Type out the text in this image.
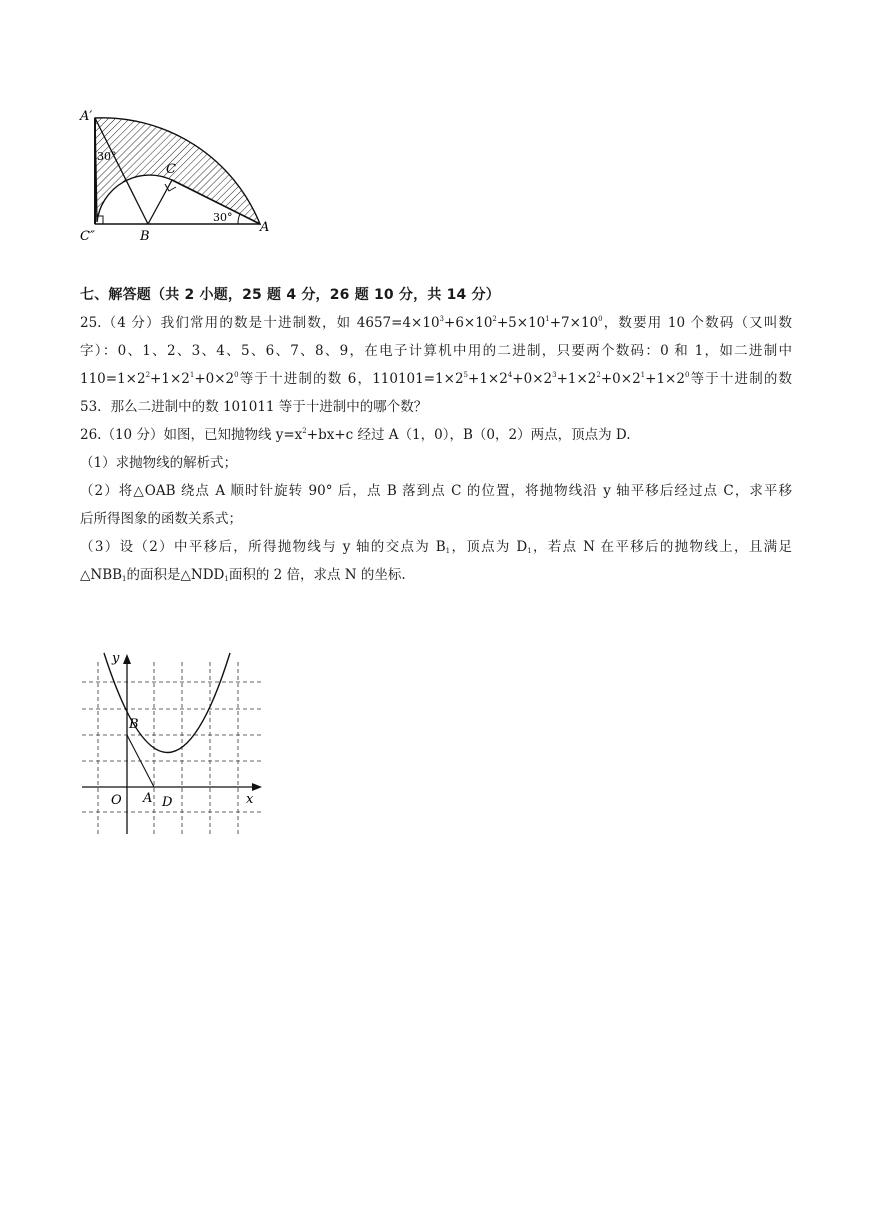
A′
30°
C
30°
C″	B
A
七、解答题（共 2 小题，25 题 4 分，26 题 10 分，共 14 分）
25.（4 分）我们常用的数是十进制数，如 $4657=4\times 10^3+6\times 10^2+5\times 10^1+7\times 10^0$，数要用 10 个数码（又叫数
字）：0、1、2、3、4、5、6、7、8、9，在电子计算机中用的二进制，只要两个数码：0 和 1，如二进制中
$110=1\times 2^2+1\times 2^1+0\times 2^0$等于十进制的数 6，$110101=1\times 2^5+1\times 2^4+0\times 2^3+1\times 2^2+0\times 2^1+1\times 2^0$等于十进制的数
53．那么二进制中的数 101011 等于十进制中的哪个数？
26.（10 分）如图，已知抛物线 $y=x^2+bx+c$ 经过 A（1，0），B（0，2）两点，顶点为 D.
（1）求抛物线的解析式；
（2）将△OAB 绕点 A 顺时针旋转 90° 后，点 B 落到点 C 的位置，将抛物线沿 y 轴平移后经过点 C，求平移
后所得图象的函数关系式；
（3）设（2）中平移后，所得抛物线与 y 轴的交点为 $B_1$，顶点为 $D_1$，若点 N 在平移后的抛物线上，且满足
$\triangle NBB_1$的面积是$\triangle NDD_1$面积的 2 倍，求点 N 的坐标.
y
B
O A D	x
